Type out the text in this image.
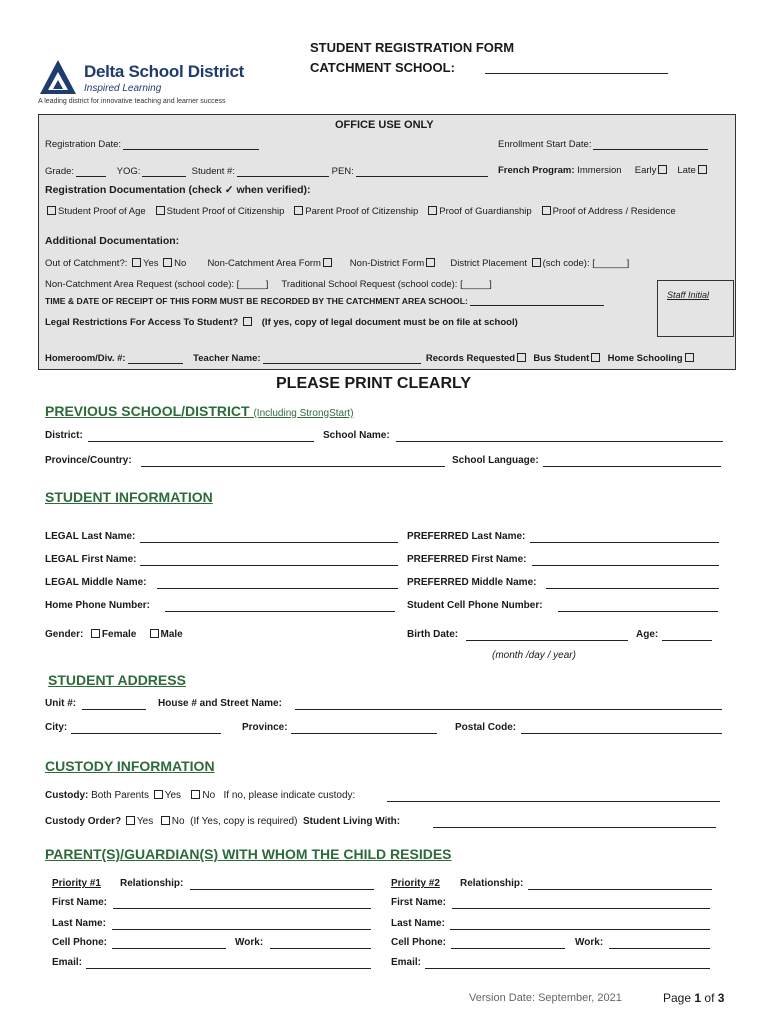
Delta School District
Inspired Learning
A leading district for innovative teaching and learner success
STUDENT REGISTRATION FORM
CATCHMENT SCHOOL:
OFFICE USE ONLY
Registration Date:	Enrollment Start Date:
Grade:	YOG:	Student #:	PEN:	French Program: Immersion Early Late
Registration Documentation (check ✓ when verified):
Student Proof of Age Student Proof of Citizenship Parent Proof of Citizenship Proof of Guardianship Proof of Address / Residence
Additional Documentation:
Out of Catchment?: Yes No Non-Catchment Area Form	Non-District Form	District Placement (sch code): [______]
Non-Catchment Area Request (school code): [_____] Traditional School Request (school code): [_____]
TIME & DATE OF RECEIPT OF THIS FORM MUST BE RECORDED BY THE CATCHMENT AREA SCHOOL:
Staff Initial
Legal Restrictions For Access To Student? (If yes, copy of legal document must be on file at school)
Homeroom/Div. #:	Teacher Name:	Records Requested Bus Student Home Schooling
PLEASE PRINT CLEARLY
PREVIOUS SCHOOL/DISTRICT (Including StrongStart)
District:	School Name:
Province/Country:	School Language:
STUDENT INFORMATION
LEGAL Last Name:	PREFERRED Last Name:
LEGAL First Name:	PREFERRED First Name:
LEGAL Middle Name:	PREFERRED Middle Name:
Home Phone Number:	Student Cell Phone Number:
Gender: Female Male	Birth Date:	Age:
(month /day / year)
STUDENT ADDRESS
Unit #:	House # and Street Name:
City:	Province:	Postal Code:
CUSTODY INFORMATION
Custody: Both Parents Yes No If no, please indicate custody:
Custody Order? Yes No (If Yes, copy is required) Student Living With:
PARENT(S)/GUARDIAN(S) WITH WHOM THE CHILD RESIDES
Priority #1 Relationship:	Priority #2 Relationship:
First Name:	First Name:
Last Name:	Last Name:
Cell Phone:	Work:	Cell Phone:	Work:
Email:	Email:
Version Date: September, 2021	Page 1 of 3
